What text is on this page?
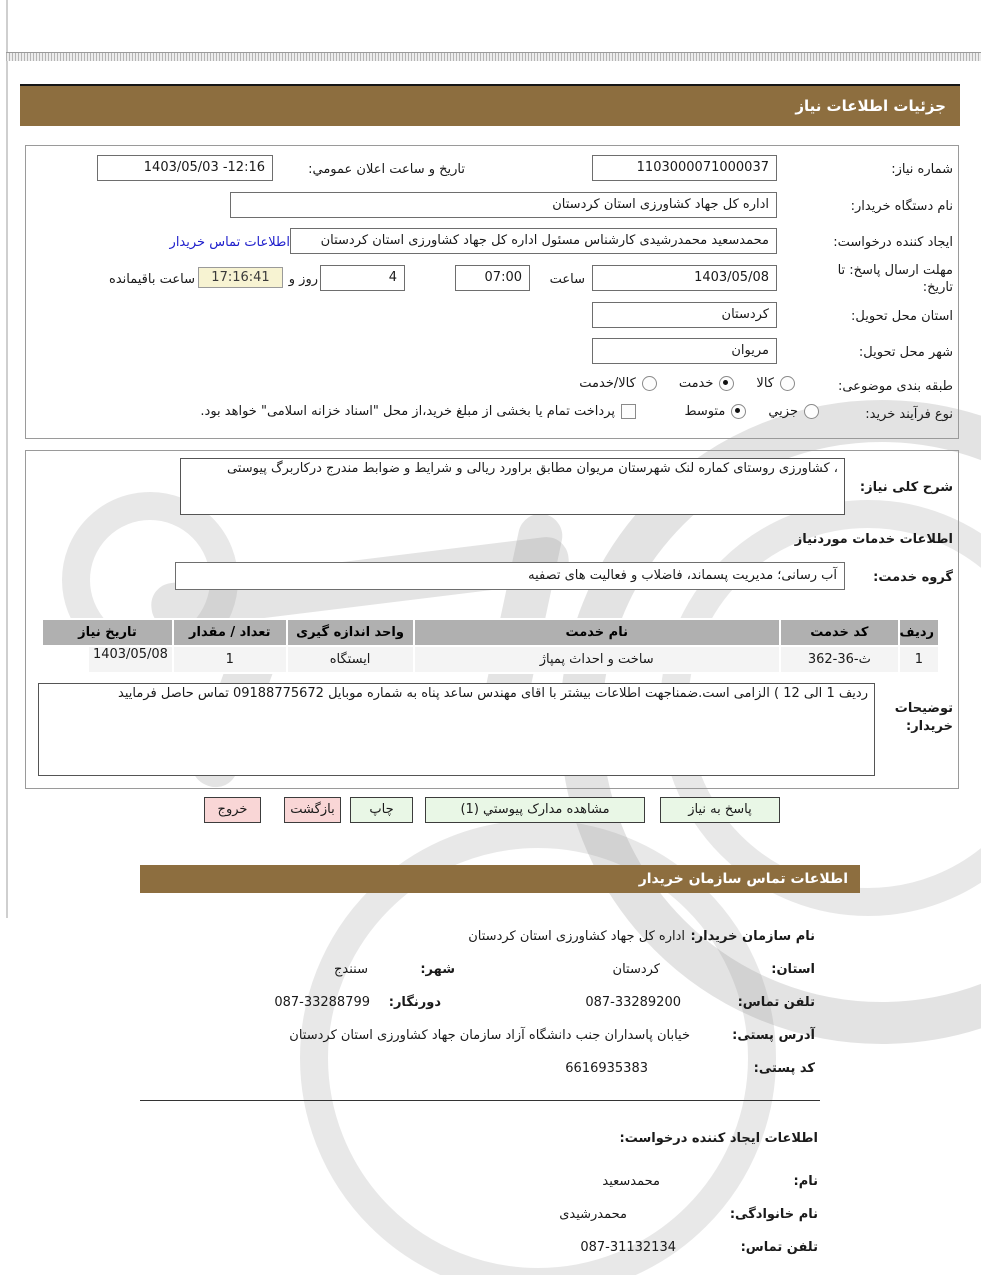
جزئیات اطلاعات نیاز
شماره نیاز:
1103000071000037
تاریخ و ساعت اعلان عمومي:
1403/05/03 -12:16
نام دستگاه خریدار:
اداره کل جهاد کشاورزی استان کردستان
ایجاد کننده درخواست:
محمدسعید محمدرشیدی کارشناس مسئول اداره کل جهاد کشاورزی استان کردستان
اطلاعات تماس خریدار
مهلت ارسال پاسخ: تا
تاریخ:
1403/05/08
ساعت
07:00
4
روز و
17:16:41
ساعت باقیمانده
استان محل تحویل:
کردستان
شهر محل تحویل:
مریوان
طبقه بندی موضوعی:
کالا
خدمت
کالا/خدمت
نوع فرآیند خرید:
جزیي
متوسط
پرداخت تمام یا بخشی از مبلغ خرید،از محل "اسناد خزانه اسلامی" خواهد بود.
، کشاورزی روستای کماره لنک شهرستان مریوان مطابق براورد ریالی و شرایط و ضوابط مندرج درکاربرگ پیوستی
شرح کلی نیاز:
اطلاعات خدمات موردنیاز
گروه خدمت:
آب رسانی؛ مدیریت پسماند، فاضلاب و فعالیت های تصفیه
ردیف	کد خدمت	نام خدمت	واحد اندازه گیری	تعداد / مقدار	تاریخ نیاز
1	ث-36-362	ساخت و احداث پمپاژ	ایستگاه	1	1403/05/08
ردیف 1 الی 12 ) الزامی است.ضمناجهت اطلاعات بیشتر با اقای مهندس ساعد پناه به شماره موبایل 09188775672 تماس حاصل فرمایید
توضیحات
خریدار:
پاسخ به نیاز
مشاهده مدارک پیوستي (1)
چاپ
بازگشت
خروج
اطلاعات تماس سازمان خریدار
نام سازمان خریدار:
اداره کل جهاد کشاورزی استان کردستان
استان:
کردستان
شهر:
سنندج
تلفن تماس:
087-33289200
دورنگار:
087-33288799
آدرس پستی:
خیابان پاسداران جنب دانشگاه آزاد سازمان جهاد کشاورزی استان کردستان
کد پستی:
6616935383
اطلاعات ایجاد کننده درخواست:
نام:
محمدسعید
نام خانوادگی:
محمدرشیدی
تلفن تماس:
087-31132134
